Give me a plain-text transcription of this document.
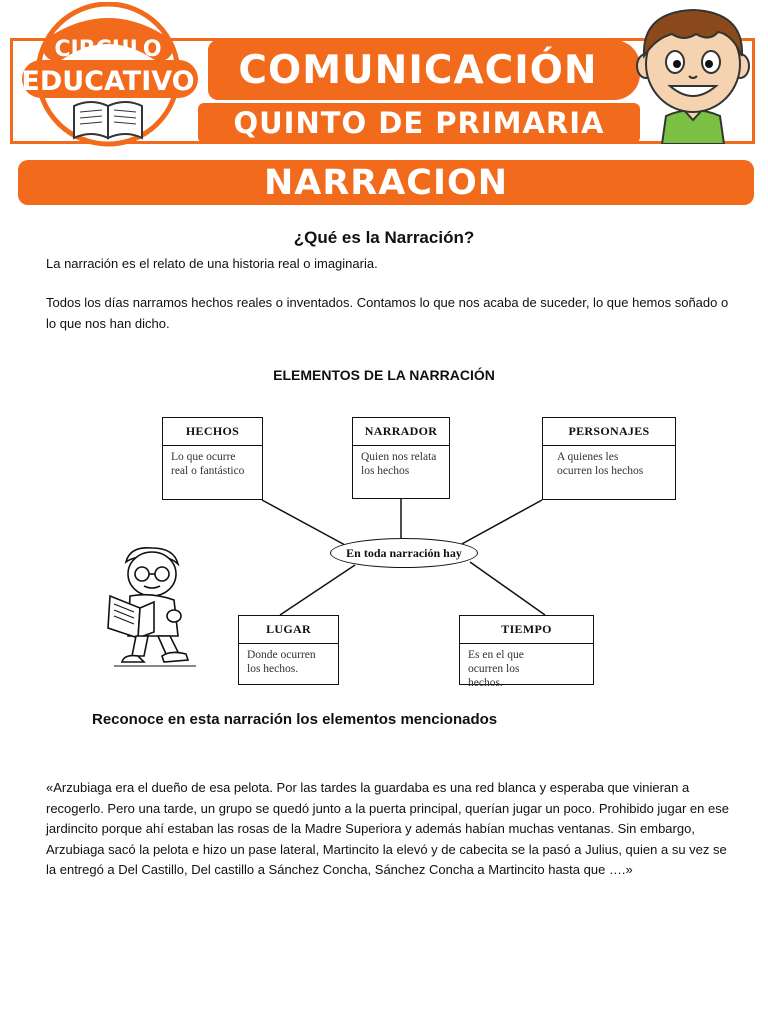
COMUNICACIÓN
QUINTO DE PRIMARIA
CIRCULO
EDUCATIVO
NARRACION
¿Qué es la Narración?
La narración es el relato de una historia real o imaginaria.
Todos los días narramos hechos reales o inventados. Contamos lo que nos acaba de suceder, lo que hemos soñado o lo que nos han dicho.
ELEMENTOS DE LA NARRACIÓN
HECHOS
Lo que ocurre real o fantástico
NARRADOR
Quien nos relata los hechos
PERSONAJES
A quienes les ocurren los hechos
En toda narración hay
LUGAR
Donde ocurren los hechos.
TIEMPO
Es en el que ocurren los hechos.
Reconoce en esta narración los elementos mencionados
«Arzubiaga era el dueño de esa pelota. Por las tardes la guardaba es una red blanca y esperaba que vinieran a recogerlo. Pero una tarde, un grupo se quedó junto a la puerta principal, querían jugar un poco. Prohibido jugar en ese jardincito porque ahí estaban las rosas de la Madre Superiora y además habían muchas ventanas. Sin embargo, Arzubiaga sacó la pelota e hizo un pase lateral, Martincito la elevó y de cabecita se la pasó a Julius, quien a su vez se la entregó a Del Castillo, Del castillo a Sánchez Concha, Sánchez Concha a Martincito hasta que ….»
